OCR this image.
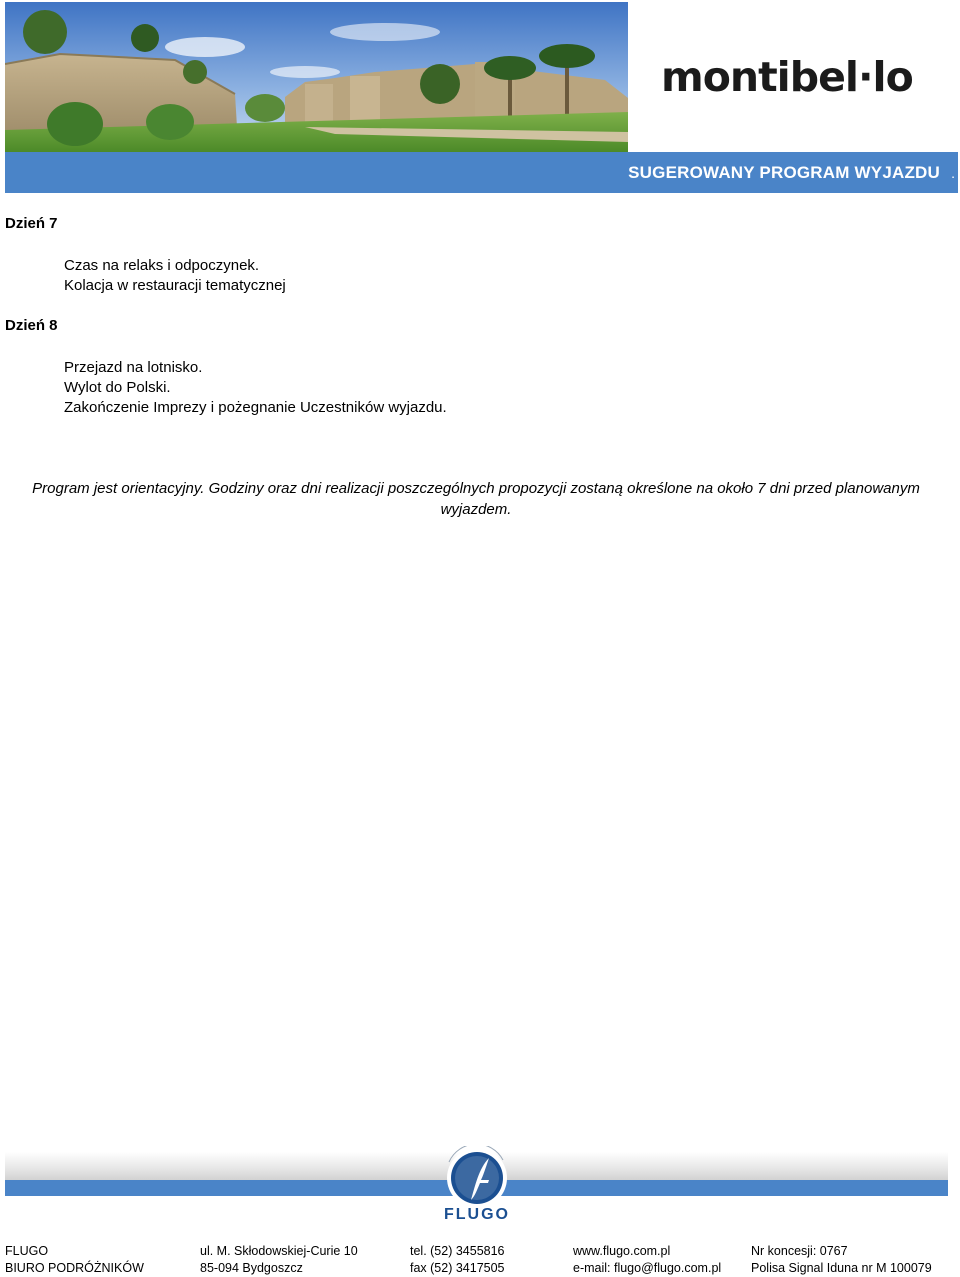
montibel·lo
SUGEROWANY PROGRAM WYJAZDU .
Dzień 7
Czas na relaks i odpoczynek.
Kolacja w restauracji tematycznej
Dzień 8
Przejazd na lotnisko.
Wylot do Polski.
Zakończenie Imprezy i pożegnanie Uczestników wyjazdu.
Program jest orientacyjny. Godziny oraz dni realizacji poszczególnych propozycji zostaną określone na około 7 dni przed planowanym
wyjazdem.
FLUGO
FLUGO
BIURO PODRÓŻNIKÓW
ul. M. Skłodowskiej-Curie 10
85-094 Bydgoszcz
tel. (52) 3455816
fax (52) 3417505
www.flugo.com.pl
e-mail: flugo@flugo.com.pl
Nr koncesji: 0767
Polisa Signal Iduna nr M 100079
